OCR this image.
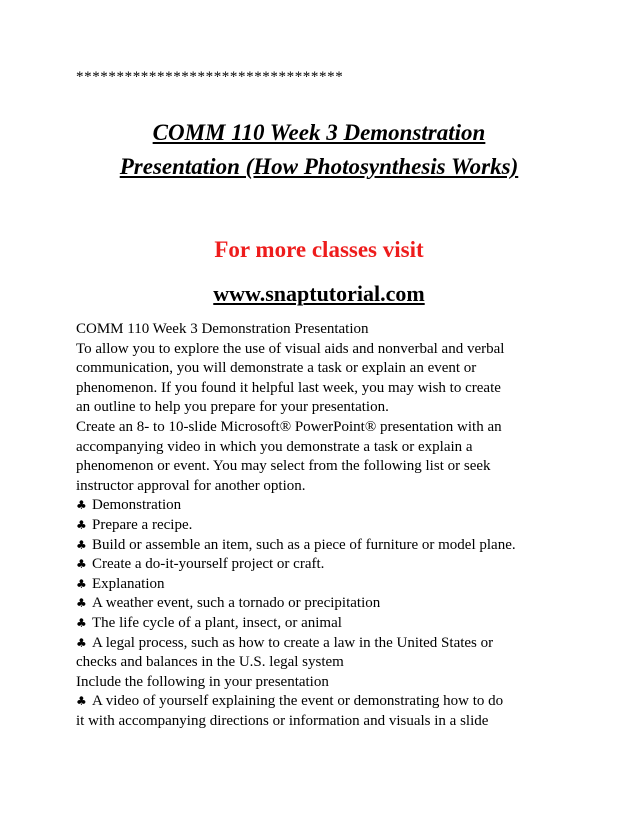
*********************************
COMM 110 Week 3 Demonstration
Presentation (How Photosynthesis Works)
For more classes visit
www.snaptutorial.com

COMM 110 Week 3 Demonstration Presentation

To allow you to explore the use of visual aids and nonverbal and verbal

communication, you will demonstrate a task or explain an event or

phenomenon. If you found it helpful last week, you may wish to create

an outline to help you prepare for your presentation.

Create an 8- to 10-slide Microsoft® PowerPoint® presentation with an

accompanying video in which you demonstrate a task or explain a

phenomenon or event. You may select from the following list or seek

instructor approval for another option.

♣ Demonstration
♣ Prepare a recipe.
♣ Build or assemble an item, such as a piece of furniture or model plane.
♣ Create a do-it-yourself project or craft.
♣ Explanation
♣ A weather event, such a tornado or precipitation
♣ The life cycle of a plant, insect, or animal
♣ A legal process, such as how to create a law in the United States or

checks and balances in the U.S. legal system

Include the following in your presentation

♣ A video of yourself explaining the event or demonstrating how to do

it with accompanying directions or information and visuals in a slide
